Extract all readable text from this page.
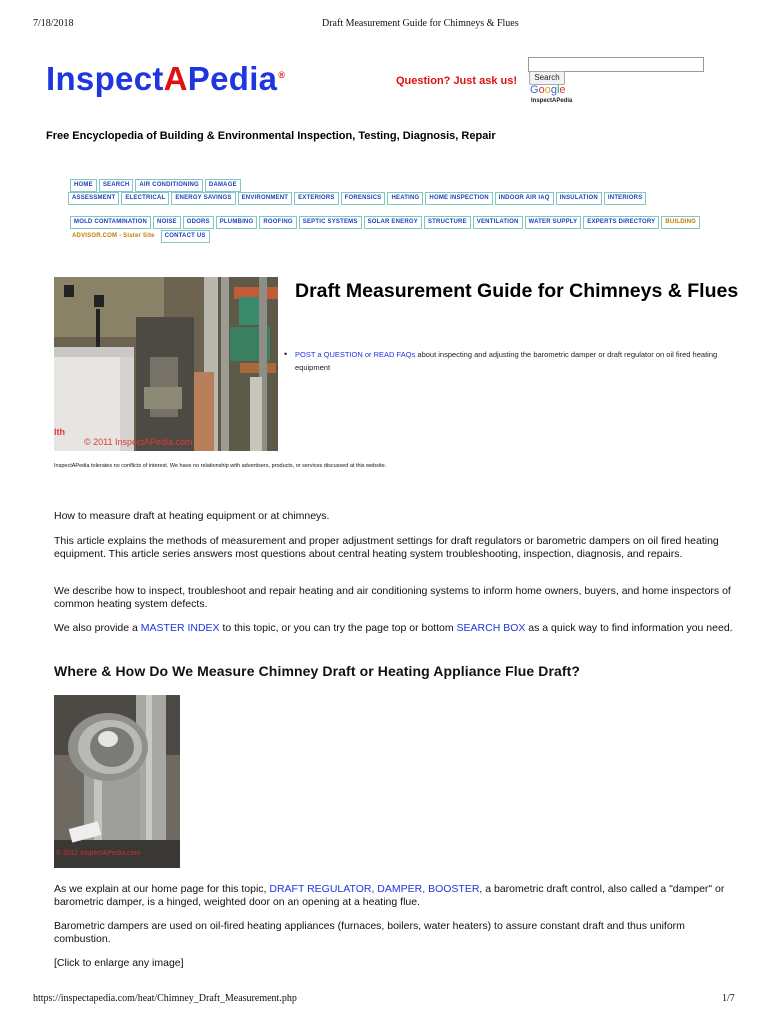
7/18/2018	Draft Measurement Guide for Chimneys & Flues
InspectAPedia®	Question? Just ask us!	Search
Google
InspectAPedia
Free Encyclopedia of Building & Environmental Inspection, Testing, Diagnosis, Repair
HOME	SEARCH	AIR CONDITIONING	DAMAGE
ASSESSMENT	ELECTRICAL	ENERGY SAVINGS	ENVIRONMENT	EXTERIORS	FORENSICS	HEATING	HOME INSPECTION	INDOOR AIR IAQ	INSULATION	INTERIORS
MOLD CONTAMINATION	NOISE	ODORS	PLUMBING	ROOFING	SEPTIC SYSTEMS	SOLAR ENERGY	STRUCTURE	VENTILATION	WATER SUPPLY	EXPERTS DIRECTORY	BUILDING
ADVISOR.COM - Sister Site	CONTACT US
© 2011 InspectAPedia.com
lth
Draft Measurement Guide for Chimneys & Flues
•	POST a QUESTION or READ FAQs about inspecting and adjusting the barometric damper or draft regulator on oil fired heating equipment
InspectAPedia tolerates no conflicts of interest. We have no relationship with advertisers, products, or services discussed at this website.
How to measure draft at heating equipment or at chimneys.
This article explains the methods of measurement and proper adjustment settings for draft regulators or barometric dampers on oil fired heating equipment. This article series answers most questions about central heating system troubleshooting, inspection, diagnosis, and repairs.
We describe how to inspect, troubleshoot and repair heating and air conditioning systems to inform home owners, buyers, and home inspectors of common heating system defects.
We also provide a MASTER INDEX to this topic, or you can try the page top or bottom SEARCH BOX as a quick way to find information you need.
Where & How Do We Measure Chimney Draft or Heating Appliance Flue Draft?
© 2011 InspectAPedia.com
As we explain at our home page for this topic, DRAFT REGULATOR, DAMPER, BOOSTER, a barometric draft control, also called a "damper" or barometric damper, is a hinged, weighted door on an opening at a heating flue.
Barometric dampers are used on oil-fired heating appliances (furnaces, boilers, water heaters) to assure constant draft and thus uniform combustion.
[Click to enlarge any image]
https://inspectapedia.com/heat/Chimney_Draft_Measurement.php	1/7
